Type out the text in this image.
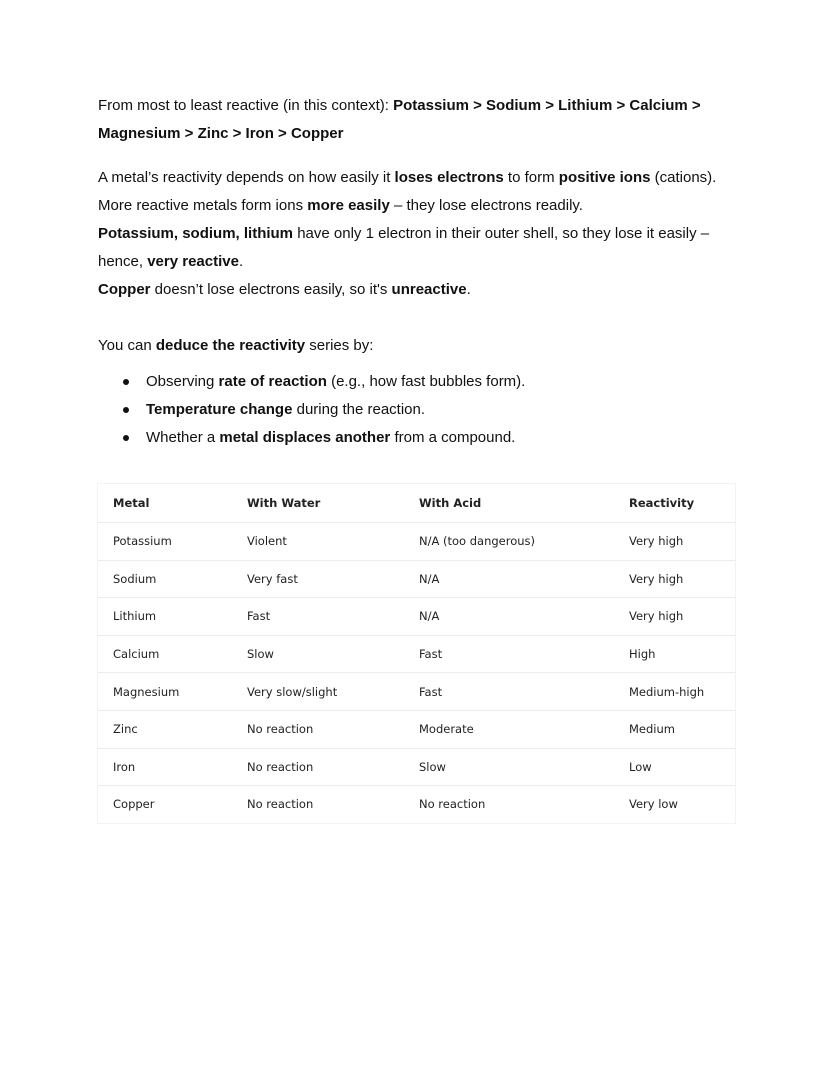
From most to least reactive (in this context): Potassium > Sodium > Lithium > Calcium > Magnesium > Zinc > Iron > Copper

A metal’s reactivity depends on how easily it loses electrons to form positive ions (cations).

More reactive metals form ions more easily – they lose electrons readily.

Potassium, sodium, lithium have only 1 electron in their outer shell, so they lose it easily – hence, very reactive.

Copper doesn’t lose electrons easily, so it's unreactive.

You can deduce the reactivity series by:

Observing rate of reaction (e.g., how fast bubbles form).
Temperature change during the reaction.
Whether a metal displaces another from a compound.
Metal	With Water	With Acid	Reactivity
Potassium	Violent	N/A (too dangerous)	Very high
Sodium	Very fast	N/A	Very high
Lithium	Fast	N/A	Very high
Calcium	Slow	Fast	High
Magnesium	Very slow/slight	Fast	Medium-high
Zinc	No reaction	Moderate	Medium
Iron	No reaction	Slow	Low
Copper	No reaction	No reaction	Very low
